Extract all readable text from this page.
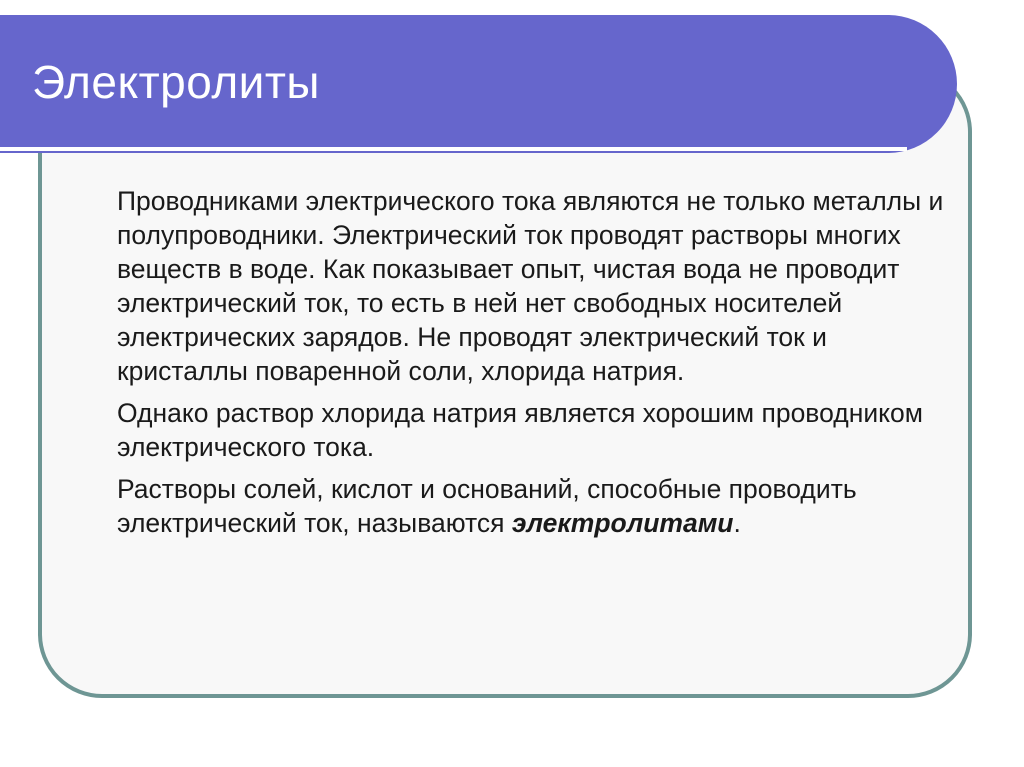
Электролиты

Проводниками электрического тока являются не только металлы и полупроводники. Электрический ток проводят растворы многих веществ в воде. Как показывает опыт, чистая вода не проводит электрический ток, то есть в ней нет свободных носителей электрических зарядов. Не проводят электрический ток и кристаллы поваренной соли, хлорида натрия.

Однако раствор хлорида натрия является хорошим проводником электрического тока.

Растворы солей, кислот и оснований, способные проводить электрический ток, называются электролитами.
